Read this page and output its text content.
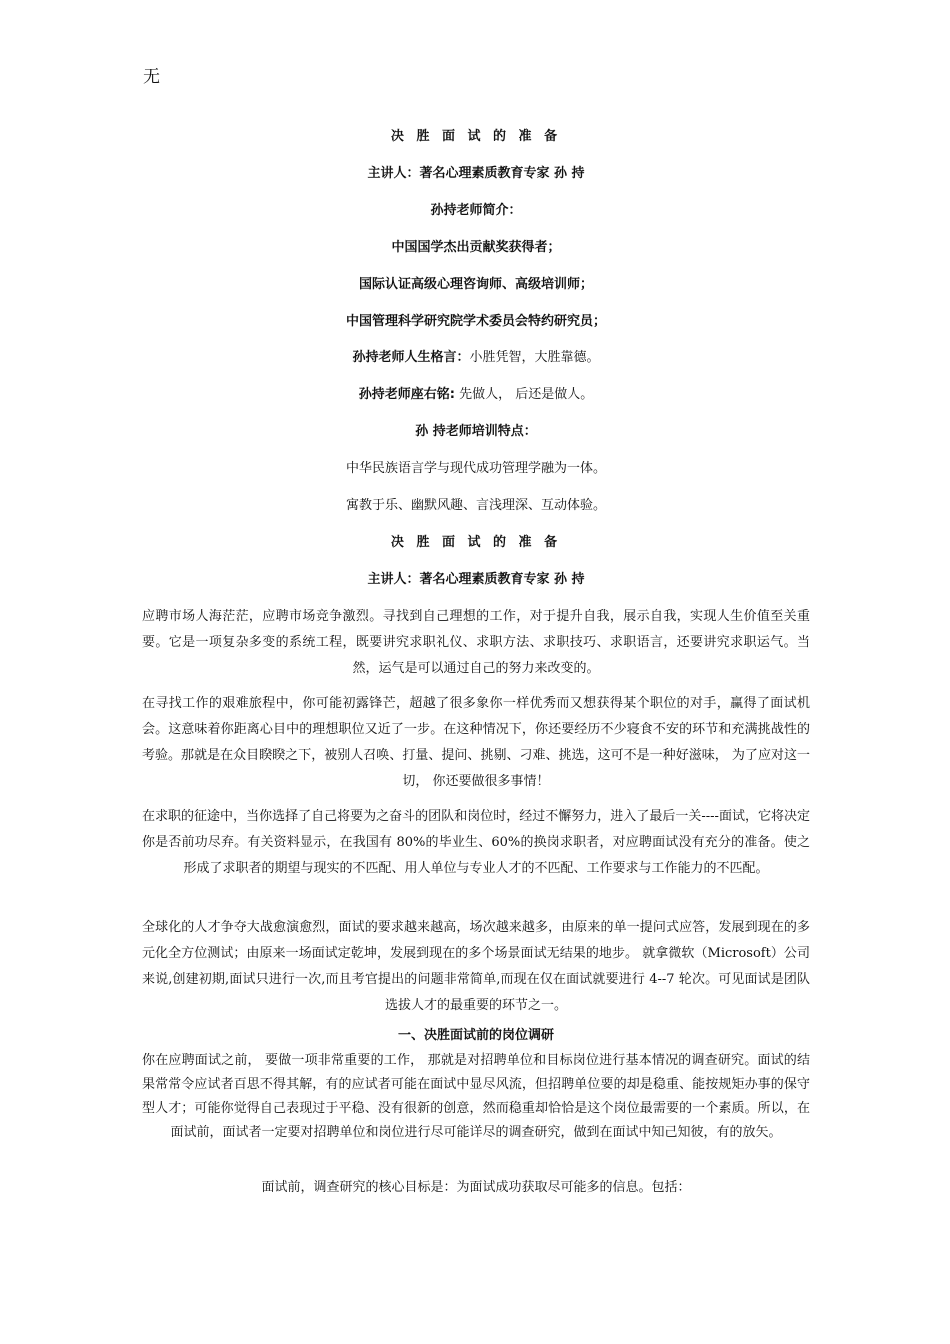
无
决 胜 面 试 的 准 备
主讲人：著名心理素质教育专家 孙 持
孙持老师简介：
中国国学杰出贡献奖获得者；
国际认证高级心理咨询师、高级培训师；
中国管理科学研究院学术委员会特约研究员；
孙持老师人生格言：小胜凭智，大胜靠德。
孙持老师座右铭: 先做人， 后还是做人。
孙 持老师培训特点：
中华民族语言学与现代成功管理学融为一体。
寓教于乐、幽默风趣、言浅理深、互动体验。
决 胜 面 试 的 准 备
主讲人：著名心理素质教育专家 孙 持
应聘市场人海茫茫，应聘市场竞争激烈。寻找到自己理想的工作，对于提升自我，展示自我，实现人生价值至关重要。它是一项复杂多变的系统工程，既要讲究求职礼仪、求职方法、求职技巧、求职语言，还要讲究求职运气。当然，运气是可以通过自己的努力来改变的。
在寻找工作的艰难旅程中，你可能初露锋芒，超越了很多象你一样优秀而又想获得某个职位的对手，赢得了面试机会。这意味着你距离心目中的理想职位又近了一步。在这种情况下，你还要经历不少寝食不安的环节和充满挑战性的考验。那就是在众目睽睽之下，被别人召唤、打量、提问、挑剔、刁难、挑选，这可不是一种好滋味， 为了应对这一切， 你还要做很多事情！
在求职的征途中，当你选择了自己将要为之奋斗的团队和岗位时，经过不懈努力，进入了最后一关----面试，它将决定你是否前功尽弃。有关资料显示，在我国有 80%的毕业生、60%的换岗求职者，对应聘面试没有充分的准备。使之形成了求职者的期望与现实的不匹配、用人单位与专业人才的不匹配、工作要求与工作能力的不匹配。
全球化的人才争夺大战愈演愈烈，面试的要求越来越高，场次越来越多，由原来的单一提问式应答，发展到现在的多元化全方位测试；由原来一场面试定乾坤，发展到现在的多个场景面试无结果的地步。 就拿微软（Microsoft）公司来说,创建初期,面试只进行一次,而且考官提出的问题非常简单,而现在仅在面试就要进行 4--7 轮次。可见面试是团队选拔人才的最重要的环节之一。
一、决胜面试前的岗位调研
你在应聘面试之前， 要做一项非常重要的工作， 那就是对招聘单位和目标岗位进行基本情况的调查研究。面试的结果常常令应试者百思不得其解，有的应试者可能在面试中显尽风流，但招聘单位要的却是稳重、能按规矩办事的保守型人才；可能你觉得自己表现过于平稳、没有很新的创意，然而稳重却恰恰是这个岗位最需要的一个素质。所以，在面试前，面试者一定要对招聘单位和岗位进行尽可能详尽的调查研究，做到在面试中知己知彼，有的放矢。
面试前，调查研究的核心目标是：为面试成功获取尽可能多的信息。包括：
